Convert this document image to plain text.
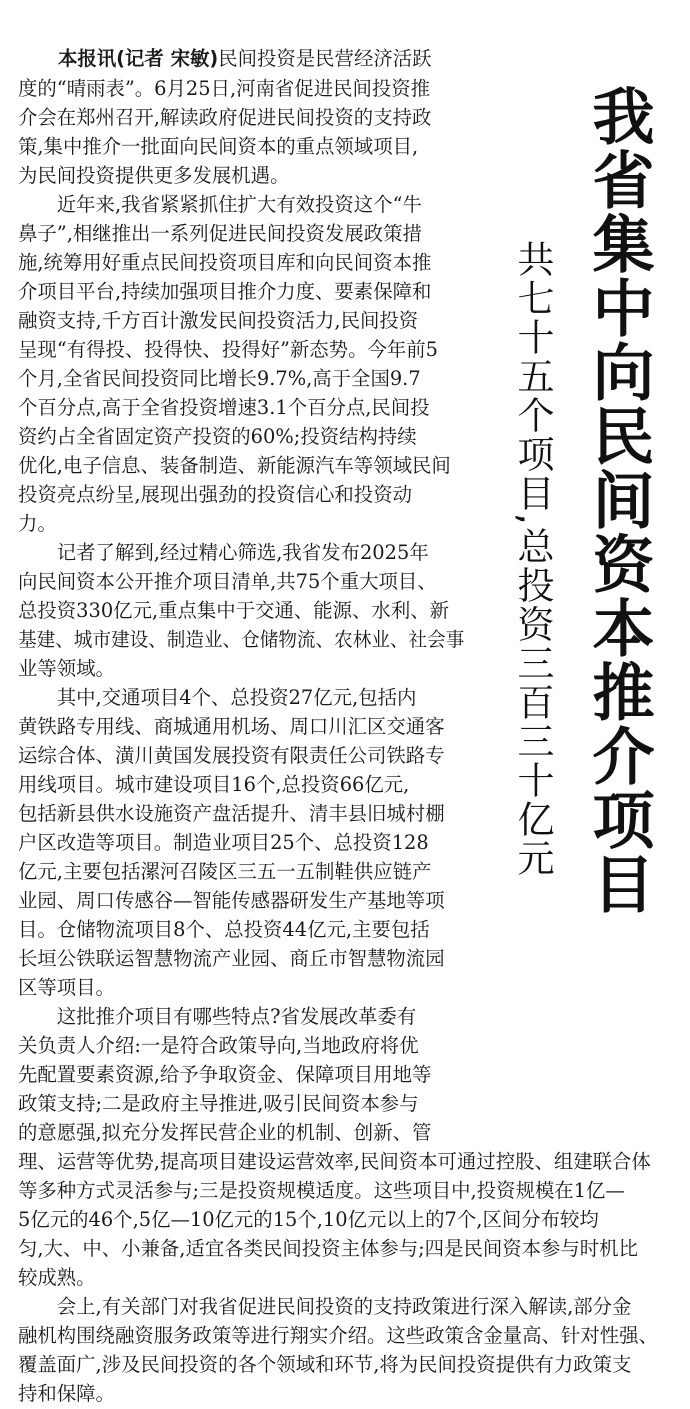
本报讯(记者 宋敏)民间投资是民营经济活跃
度的“晴雨表”。6月25日,河南省促进民间投资推
介会在郑州召开,解读政府促进民间投资的支持政
策,集中推介一批面向民间资本的重点领域项目,
为民间投资提供更多发展机遇。
　　近年来,我省紧紧抓住扩大有效投资这个“牛
鼻子”,相继推出一系列促进民间投资发展政策措
施,统筹用好重点民间投资项目库和向民间资本推
介项目平台,持续加强项目推介力度、要素保障和
融资支持,千方百计激发民间投资活力,民间投资
呈现“有得投、投得快、投得好”新态势。今年前5
个月,全省民间投资同比增长9.7%,高于全国9.7
个百分点,高于全省投资增速3.1个百分点,民间投
资约占全省固定资产投资的60%;投资结构持续
优化,电子信息、装备制造、新能源汽车等领域民间
投资亮点纷呈,展现出强劲的投资信心和投资动
力。
　　记者了解到,经过精心筛选,我省发布2025年
向民间资本公开推介项目清单,共75个重大项目、
总投资330亿元,重点集中于交通、能源、水利、新
基建、城市建设、制造业、仓储物流、农林业、社会事
业等领域。
　　其中,交通项目4个、总投资27亿元,包括内
黄铁路专用线、商城通用机场、周口川汇区交通客
运综合体、潢川黄国发展投资有限责任公司铁路专
用线项目。城市建设项目16个,总投资66亿元,
包括新县供水设施资产盘活提升、清丰县旧城村棚
户区改造等项目。制造业项目25个、总投资128
亿元,主要包括漯河召陵区三五一五制鞋供应链产
业园、周口传感谷—智能传感器研发生产基地等项
目。仓储物流项目8个、总投资44亿元,主要包括
长垣公铁联运智慧物流产业园、商丘市智慧物流园
区等项目。
　　这批推介项目有哪些特点?省发展改革委有
关负责人介绍:一是符合政策导向,当地政府将优
先配置要素资源,给予争取资金、保障项目用地等
政策支持;二是政府主导推进,吸引民间资本参与
的意愿强,拟充分发挥民营企业的机制、创新、管
理、运营等优势,提高项目建设运营效率,民间资本可通过控股、组建联合体
等多种方式灵活参与;三是投资规模适度。这些项目中,投资规模在1亿—
5亿元的46个,5亿—10亿元的15个,10亿元以上的7个,区间分布较均
匀,大、中、小兼备,适宜各类民间投资主体参与;四是民间资本参与时机比
较成熟。
　　会上,有关部门对我省促进民间投资的支持政策进行深入解读,部分金
融机构围绕融资服务政策等进行翔实介绍。这些政策含金量高、针对性强、
覆盖面广,涉及民间投资的各个领域和环节,将为民间投资提供有力政策支
持和保障。
我省集中向民间资本推介项目
共七十五个项目,总投资三百三十亿元
